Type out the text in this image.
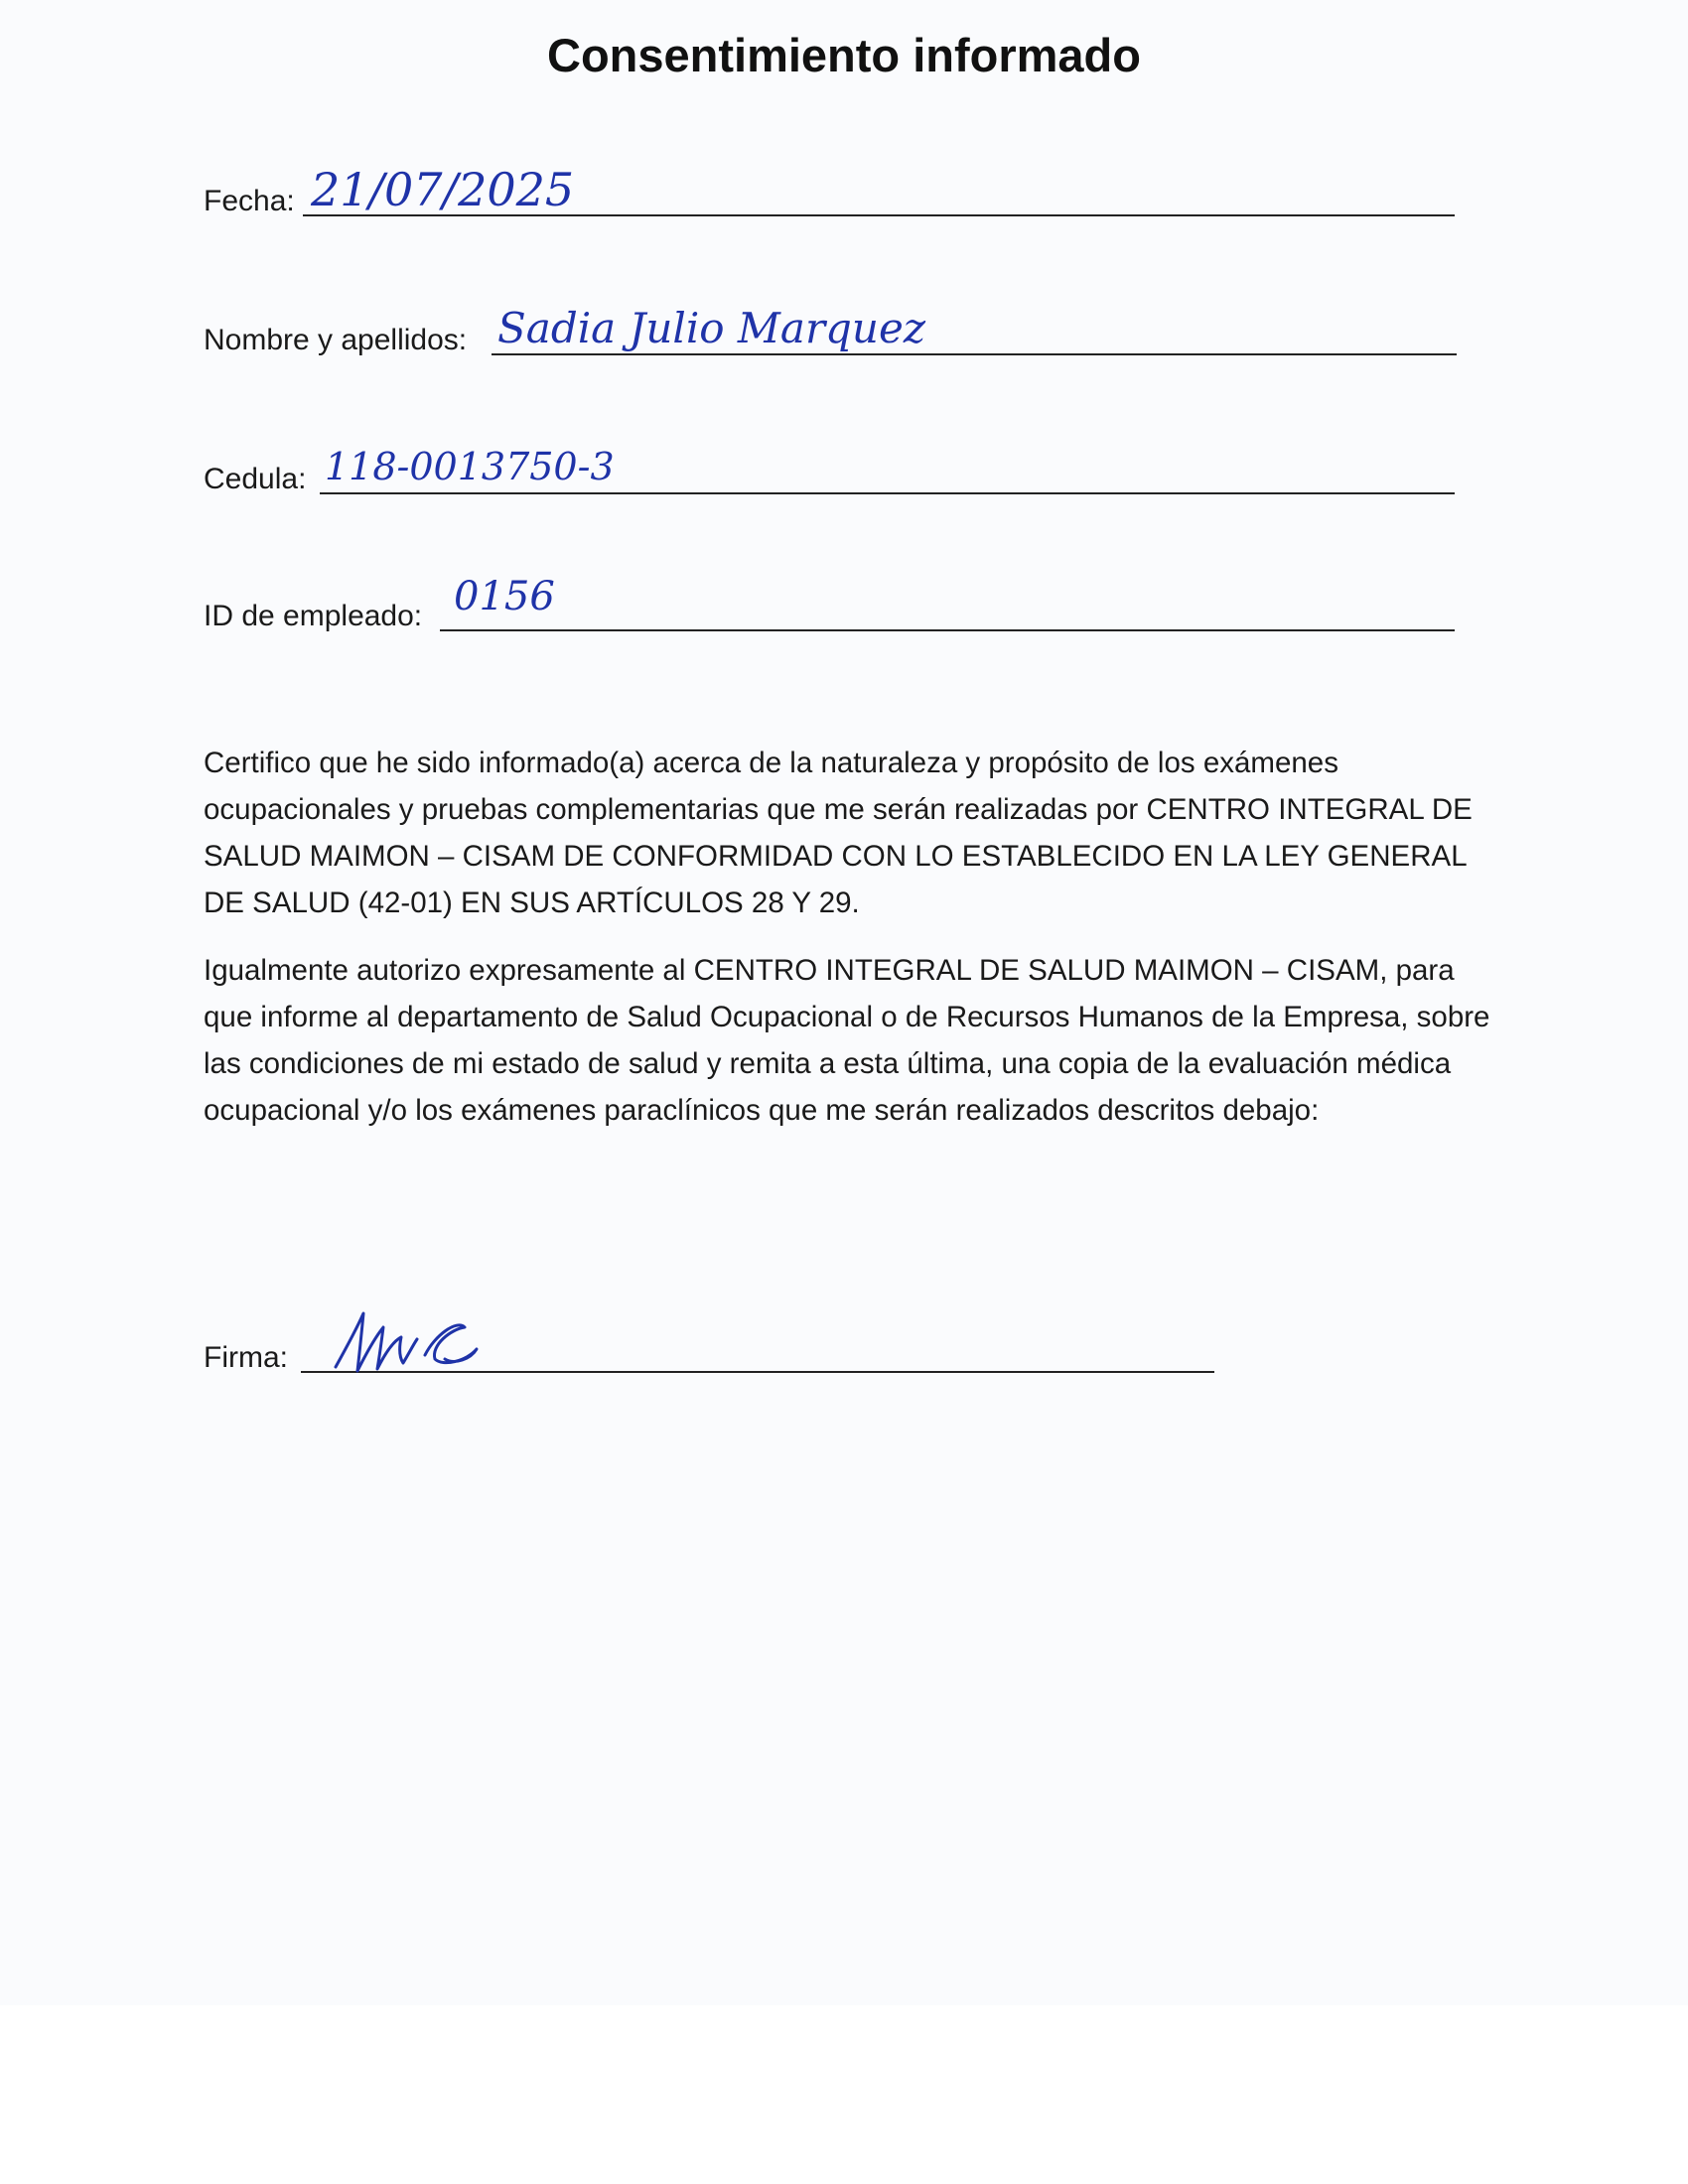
Consentimiento informado
Fecha: 21/07/2025
Nombre y apellidos: Sadia Julio Marquez
Cedula: 118-0013750-3
ID de empleado: 0156

Certifico que he sido informado(a) acerca de la naturaleza y propósito de los exámenes ocupacionales y pruebas complementarias que me serán realizadas por CENTRO INTEGRAL DE SALUD MAIMON – CISAM DE CONFORMIDAD CON LO ESTABLECIDO EN LA LEY GENERAL DE SALUD (42-01) EN SUS ARTÍCULOS 28 Y 29.

Igualmente autorizo expresamente al CENTRO INTEGRAL DE SALUD MAIMON – CISAM, para que informe al departamento de Salud Ocupacional o de Recursos Humanos de la Empresa, sobre las condiciones de mi estado de salud y remita a esta última, una copia de la evaluación médica ocupacional y/o los exámenes paraclínicos que me serán realizados descritos debajo:

Firma:
